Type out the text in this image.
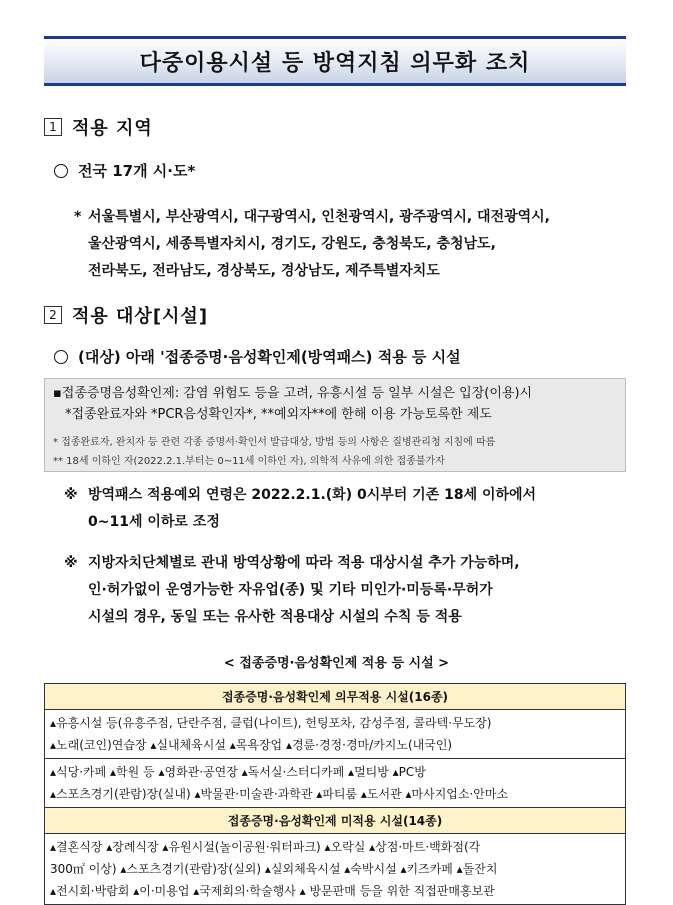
다중이용시설 등 방역지침 의무화 조치
1 적용 지역
전국 17개 시·도*
* 서울특별시, 부산광역시, 대구광역시, 인천광역시, 광주광역시, 대전광역시,
울산광역시, 세종특별자치시, 경기도, 강원도, 충청북도, 충청남도,
전라북도, 전라남도, 경상북도, 경상남도, 제주특별자치도
2 적용 대상[시설]
(대상) 아래 '접종증명·음성확인제(방역패스) 적용 등 시설
▪접종증명음성확인제: 감염 위험도 등을 고려, 유흥시설 등 일부 시설은 입장(이용)시
*접종완료자와 *PCR음성확인자*, **예외자**에 한해 이용 가능토록한 제도
* 접종완료자, 완치자 등 관련 각종 증명서·확인서 발급대상, 방법 등의 사항은 질병관리청 지침에 따름
** 18세 이하인 자(2022.2.1.부터는 0~11세 이하인 자), 의학적 사유에 의한 접종불가자
※ 방역패스 적용예외 연령은 2022.2.1.(화) 0시부터 기존 18세 이하에서
0~11세 이하로 조정
※ 지방자치단체별로 관내 방역상황에 따라 적용 대상시설 추가 가능하며,
인·허가없이 운영가능한 자유업(종) 및 기타 미인가·미등록·무허가
시설의 경우, 동일 또는 유사한 적용대상 시설의 수칙 등 적용
< 접종증명·음성확인제 적용 등 시설 >
접종증명·음성확인제 의무적용 시설(16종)

▴유흥시설 등(유흥주점, 단란주점, 클럽(나이트), 헌팅포차, 감성주점, 콜라텍·무도장)
▴노래(코인)연습장 ▴실내체육시설 ▴목욕장업 ▴경륜·경정·경마/카지노(내국인)

▴식당·카페 ▴학원 등 ▴영화관·공연장 ▴독서실·스터디카페 ▴멀티방 ▴PC방
▴스포츠경기(관람)장(실내) ▴박물관·미술관·과학관 ▴파티룸 ▴도서관 ▴마사지업소·안마소

접종증명·음성확인제 미적용 시설(14종)

▴결혼식장 ▴장례식장 ▴유원시설(놀이공원·워터파크) ▴오락실 ▴상점·마트·백화점(각
300㎡ 이상) ▴스포츠경기(관람)장(실외) ▴실외체육시설 ▴숙박시설 ▴키즈카페 ▴돌잔치
▴전시회·박람회 ▴이·미용업 ▴국제회의·학술행사 ▴ 방문판매 등을 위한 직접판매홍보관
